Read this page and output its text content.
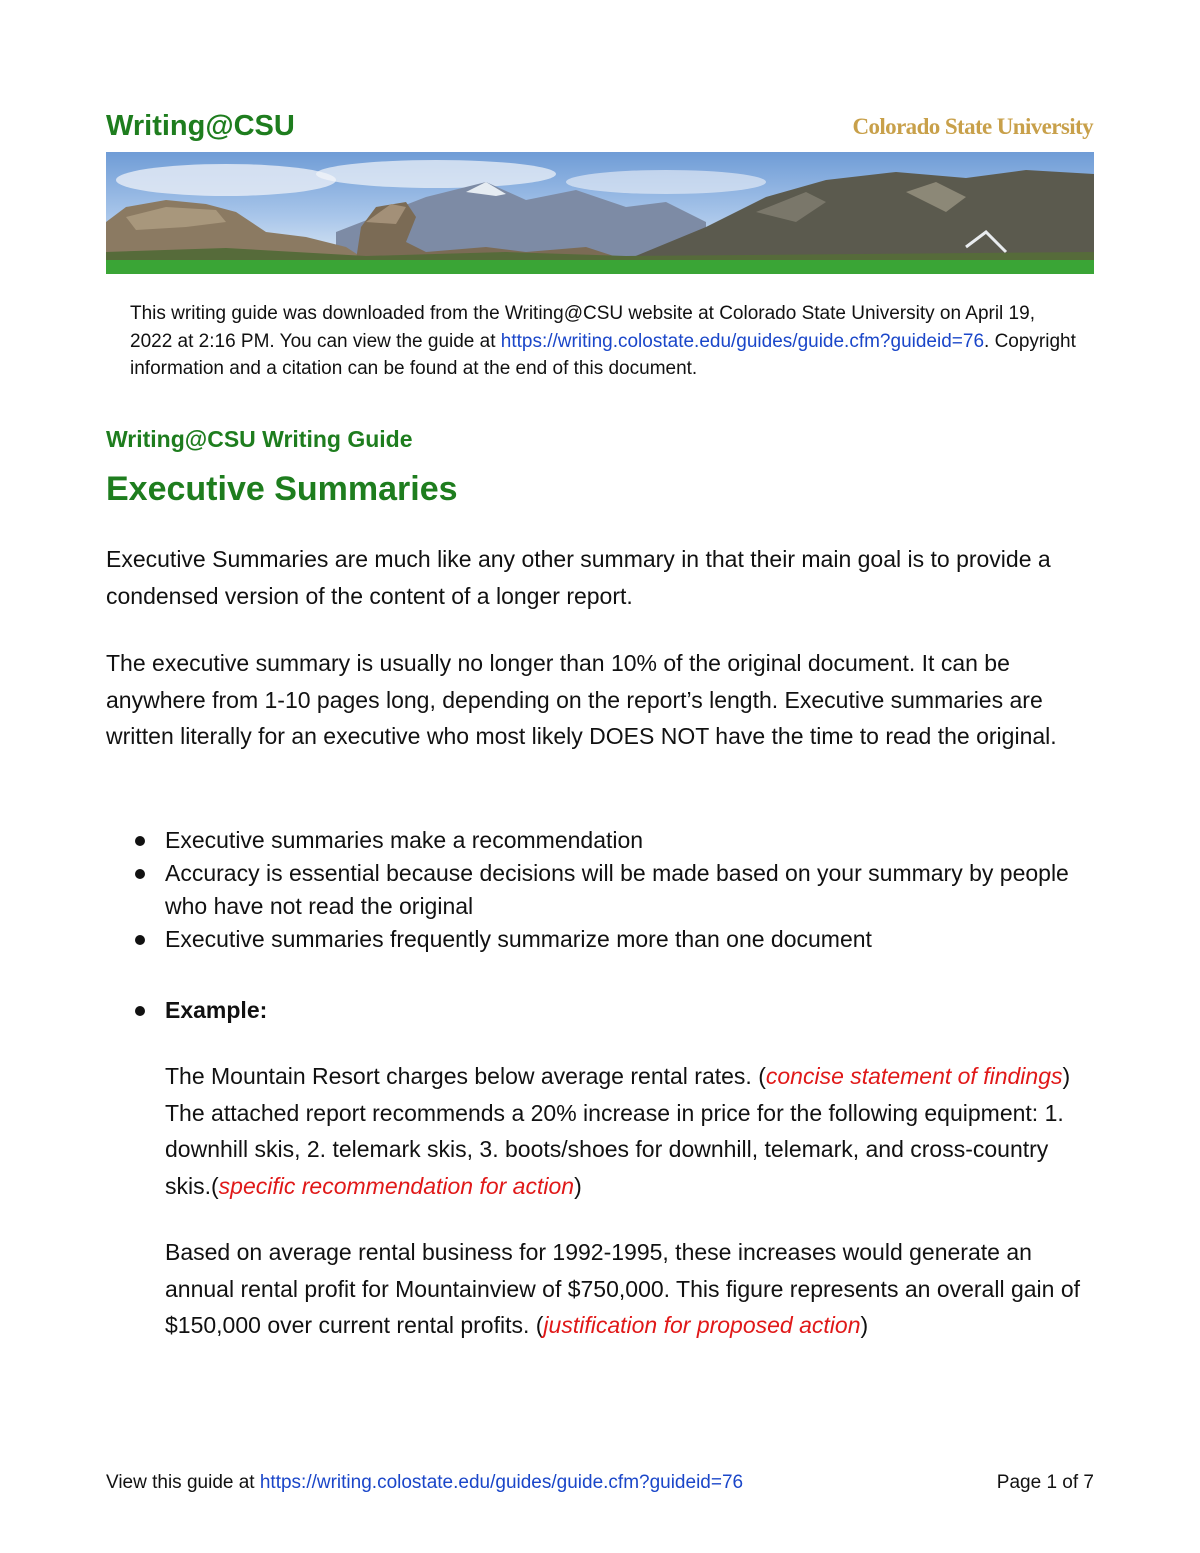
Writing@CSU	Colorado State University
This writing guide was downloaded from the Writing@CSU website at Colorado State University on April 19, 2022 at 2:16 PM. You can view the guide at https://writing.colostate.edu/guides/guide.cfm?guideid=76. Copyright information and a citation can be found at the end of this document.
Writing@CSU Writing Guide
Executive Summaries
Executive Summaries are much like any other summary in that their main goal is to provide a condensed version of the content of a longer report.
The executive summary is usually no longer than 10% of the original document. It can be anywhere from 1-10 pages long, depending on the report’s length. Executive summaries are written literally for an executive who most likely DOES NOT have the time to read the original.
Executive summaries make a recommendation
Accuracy is essential because decisions will be made based on your summary by people who have not read the original
Executive summaries frequently summarize more than one document
Example:
The Mountain Resort charges below average rental rates. (concise statement of findings) The attached report recommends a 20% increase in price for the following equipment: 1. downhill skis, 2. telemark skis, 3. boots/shoes for downhill, telemark, and cross-country skis.(specific recommendation for action)
Based on average rental business for 1992-1995, these increases would generate an annual rental profit for Mountainview of $750,000. This figure represents an overall gain of $150,000 over current rental profits. (justification for proposed action)
View this guide at https://writing.colostate.edu/guides/guide.cfm?guideid=76	Page 1 of 7
